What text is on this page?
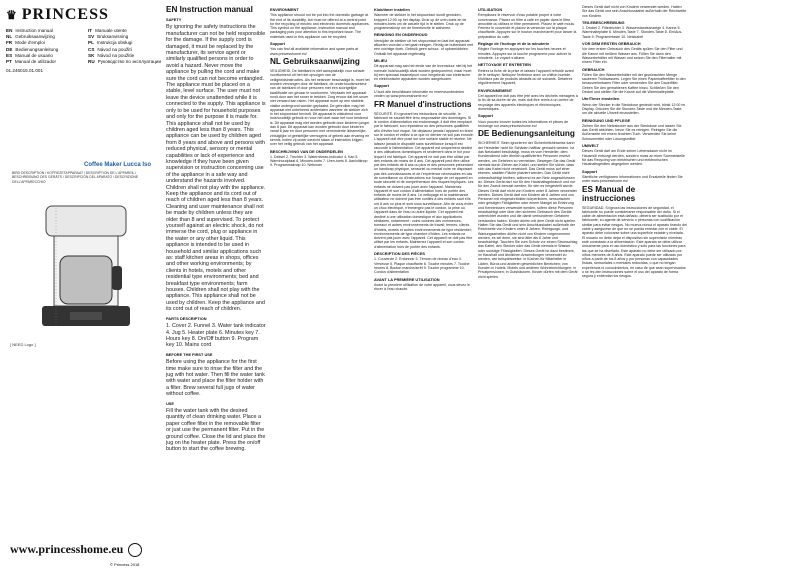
♛ PRINCESS
EN Instruction manual	IT Manuale utente
NL Gebruiksaanwijzing	SV Bruksanvisning
FR Mode d'emploi	PL Instrukcja obsługi
DE Bedienungsanleitung	CS Návod na použití
ES Manual de usuario	SK Návod na použitie
PT Manual de utilizador	RU Руководство по эксплуатации
01.246015.01.001
Coffee Maker Lucca Iso
BIRD DESCRIPTION / KOFFIEZETAPPARAAT / DESCRIPTION DE L'APPAREIL / BESCHREIBUNG DES GERÄTS / DESCRIPCIÓN DEL APARATO / DESCRIZIONE DELL'APPARECCHIO
[ NEED Logo ]
www.princesshome.eu
© Princess 2018
EN Instruction manual
SAFETY

By ignoring the safety instructions the manufacturer can not be held responsible for the damage. If the supply cord is damaged, it must be replaced by the manufacturer, its service agent or similarly qualified persons in order to avoid a hazard. Never move the appliance by pulling the cord and make sure the cord can not become entangled. The appliance must be placed on a stable, level surface. The user must not leave the device unattended while it is connected to the supply. This appliance is only to be used for household purposes and only for the purpose it is made for. This appliance shall not be used by children aged less than 8 years. This appliance can be used by children aged from 8 years and above and persons with reduced physical, sensory or mental capabilities or lack of experience and knowledge if they have been given supervision or instruction concerning use of the appliance in a safe way and understand the hazards involved. Children shall not play with the appliance. Keep the appliance and its cord out of reach of children aged less than 8 years. Cleaning and user maintenance shall not be made by children unless they are older than 8 and supervised. To protect yourself against an electric shock, do not immerse the cord, plug or appliance in the water or any other liquid. This appliance is intended to be used in household and similar applications such as: staff kitchen areas in shops, offices and other working environments; by clients in hotels, motels and other residential type environments; bed and breakfast type environments; farm houses. Children shall not play with the appliance. This appliance shall not be used by children. Keep the appliance and its cord out of reach of children.

PARTS DESCRIPTION

1. Cover 2. Funnel 3. Water tank indicator 4. Jug 5. Heater plate 6. Minutes key 7. Hours key 8. On/Off button 9. Program key 10. Mains cord

BEFORE THE FIRST USE

Before using the appliance for the first time make sure to rinse the filter and the jug with hot water. Then fill the water tank with water and place the filter holder with a filter. Brew several full jugs of water without coffee.

USE

Fill the water tank with the desired quantity of clean drinking water. Place a paper coffee filter in the removable filter or just use the permanent filter. Put in the ground coffee. Close the lid and place the jug on the heater plate. Press the on/off button to start the coffee brewing.

ENVIRONMENT

This appliance should not be put into the domestic garbage at the end of its durability, but must be offered at a central point for the recycling of electric and electronic domestic appliances. This symbol on the appliance, instruction manual and packaging puts your attention to this important issue. The materials used in this appliance can be recycled.

Support

You can find all available information and spare parts at www.princesshome.eu!

NL Gebruiksaanwijzing

VEILIGHEID. De fabrikant is niet aansprakelijk voor schade voortkomend uit het niet opvolgen van de veiligheidsinstructies. Als het netsnoer beschadigd is, moet het worden vervangen door de fabrikant, de onderhoudsmonteur van de fabrikant of door personen met een soortgelijke kwalificatie om gevaar te voorkomen. Verplaats het apparaat nooit door aan het snoer te trekken. Zorg ervoor dat het snoer niet verward kan raken. Het apparaat moet op een stabiele, vlakke ondergrond worden geplaatst. De gebruiker mag het apparaat niet onbeheerd achterlaten wanneer de stekker zich in het stopcontact bevindt. Dit apparaat is uitsluitend voor huishoudelijk gebruik en voor het doel waar het voor bestemd is. Dit apparaat mag niet worden gebruikt door kinderen jonger dan 8 jaar. Dit apparaat kan worden gebruikt door kinderen vanaf 8 jaar en door personen met verminderde lichamelijke, zintuiglijke of geestelijke vermogens of gebrek aan ervaring en kennis, indien zij onder toezicht staan of instructies krijgen over het veilig gebruik van het apparaat.

BESCHRIJVING VAN DE ONDERDELEN

1. Deksel 2. Trechter 3. Waterniveau-indicator 4. Kan 5. Warmhoudplaat 6. Minuten-toets 7. Uren-toets 8. Aan/uitknop 9. Programmaknop 10. Netsnoer

Klok/timer instellen

Wanneer de stekker in het stopcontact wordt gestoken, knippert 12:00 op het display. Druk op de uren-toets en de minuten-toets om de actuele tijd in te stellen. Druk op de programmaknop om de timerfunctie te activeren.

REINIGING EN ONDERHOUD

Verwijder de stekker uit het stopcontact en laat het apparaat afkoelen voordat u het gaat reinigen. Reinig de buitenkant met een vochtige doek. Gebruik geen schuur- of oplosmiddelen. Ontkalk het apparaat regelmatig.

MILIEU

Dit apparaat mag aan het einde van de levensduur niet bij het normale huishoudelijk afval worden gedeponeerd, maar moet bij een speciaal inzamelpunt voor hergebruik van elektrische en elektronische apparaten worden aangeboden.

Support

U kunt alle beschikbare informatie en reserveonderdelen vinden op www.princesshome.eu!

FR Manuel d'instructions

SÉCURITÉ. En ignorant les instructions de sécurité, le fabricant ne saurait être tenu responsable des dommages. Si le cordon d'alimentation est endommagé, il doit être remplacé par le fabricant, son réparateur ou des personnes qualifiées afin d'éviter tout risque. Ne déplacez jamais l'appareil en tirant sur le cordon et veillez à ce que ce dernier ne soit pas enroulé. L'appareil doit être posé sur une surface stable et nivelée. Ne laissez jamais le dispositif sans surveillance lorsqu'il est raccordé à l'alimentation. Cet appareil est uniquement destiné à des utilisations domestiques et seulement dans le but pour lequel il est fabriqué. Cet appareil ne doit pas être utilisé par des enfants de moins de 8 ans. Cet appareil peut être utilisé par des enfants de 8 ans ou plus et des personnes présentant un handicap physique, sensoriel ou mental voire ne disposant pas des connaissances et de l'expérience nécessaires en cas de surveillance ou d'instructions sur l'usage de cet appareil en toute sécurité et de compréhension des risques impliqués. Les enfants ne doivent pas jouer avec l'appareil. Maintenez l'appareil et son cordon d'alimentation hors de portée des enfants de moins de 8 ans. Le nettoyage et la maintenance utilisateur ne doivent pas être confiés à des enfants sauf s'ils ont 8 ans ou plus et sont sous surveillance. Afin de vous éviter un choc électrique, n'immergez pas le cordon, la prise ou l'appareil dans de l'eau ou autre liquide. Cet appareil est destiné à une utilisation domestique et aux applications similaires, notamment : coins cuisines des commerces, bureaux et autres environnements de travail; fermes; clients d'hôtels, motels et autres environnements de type résidentiel; environnements de type chambre d'hôtes. Les enfants ne doivent pas jouer avec l'appareil. Cet appareil ne doit pas être utilisé par les enfants. Maintenez l'appareil et son cordon d'alimentation hors de portée des enfants.

DESCRIPTION DES PIÈCES

1. Couvercle 2. Entonnoir 3. Témoin de niveau d'eau 4. Verseuse 5. Plaque chauffante 6. Touche minutes 7. Touche heures 8. Bouton marche/arrêt 9. Touche programme 10. Cordon d'alimentation

AVANT LA PREMIÈRE UTILISATION

Avant la première utilisation de votre appareil, vous devez le rincer à l'eau chaude.

UTILISATION

Remplissez le réservoir d'eau potable propre à votre convenance. Placez un filtre à café en papier dans le filtre amovible ou utilisez le filtre permanent. Placez le café moulu. Fermez le couvercle et placez la verseuse sur la plaque chauffante. Appuyez sur le bouton marche/arrêt pour lancer la préparation du café.

Réglage de l'horloge et de la minuterie

Réglez l'horloge en appuyant sur les touches heures et minutes. Appuyez sur la touche programme pour activer la minuterie. Le voyant s'allume.

NETTOYAGE ET ENTRETIEN

Retirez la fiche de la prise et laissez l'appareil refroidir avant de le nettoyer. Nettoyez l'extérieur avec un chiffon humide. N'utilisez pas de produits abrasifs ou de solvants. Détartrez régulièrement l'appareil.

ENVIRONNEMENT

Cet appareil ne doit pas être jeté avec les déchets ménagers à la fin de sa durée de vie, mais doit être remis à un centre de recyclage des appareils électriques et électroniques domestiques.

Support

Vous pouvez trouver toutes les informations et pièces de rechange sur www.princesshome.eu!

DE Bedienungsanleitung

SICHERHEIT. Beim Ignorieren der Sicherheitshinweise kann der Hersteller nicht für Schäden haftbar gemacht werden. Ist das Netzkabel beschädigt, muss es vom Hersteller, dem Kundendienst oder ähnlich qualifizierten Personen ersetzt werden, um Gefahren zu vermeiden. Bewegen Sie das Gerät niemals durch Ziehen am Kabel, und stellen Sie sicher, dass sich das Kabel nicht verwickelt. Das Gerät muss auf einer ebenen, stabilen Fläche platziert werden. Das Gerät nicht unbeaufsichtigt bleiben, während es am Netz angeschlossen ist. Dieses Gerät darf nur für den Haushaltsgebrauch und nur für den Zweck benutzt werden, für den es hergestellt wurde. Dieses Gerät darf nicht von Kindern unter 8 Jahren verwendet werden. Dieses Gerät darf von Kindern ab 8 Jahren und von Personen mit eingeschränkten körperlichen, sensorischen oder geistigen Fähigkeiten oder einem Mangel an Erfahrung und Kenntnissen verwendet werden, sofern diese Personen beaufsichtigt oder über den sicheren Gebrauch des Geräts unterrichtet wurden und die damit verbundenen Gefahren verstanden haben. Kinder dürfen mit dem Gerät nicht spielen. Halten Sie das Gerät und sein Anschlusskabel außerhalb der Reichweite von Kindern unter 8 Jahren. Reinigungs- und Wartungsarbeiten dürfen nicht von Kindern vorgenommen werden, es sei denn, sie sind älter als 8 Jahre und beaufsichtigt. Tauchen Sie zum Schutz vor einem Stromschlag das Kabel, den Stecker oder das Gerät niemals in Wasser oder sonstige Flüssigkeiten. Dieses Gerät ist dazu bestimmt, im Haushalt und ähnlichen Anwendungen verwendet zu werden, wie beispielsweise: in Küchen für Mitarbeiter in Läden, Büros und anderen gewerblichen Bereichen; von Kunden in Hotels, Motels und anderen Wohneinrichtungen; in Privatpensionen; in Gutshäusern. Kinder dürfen mit dem Gerät nicht spielen.

Dieses Gerät darf nicht von Kindern verwendet werden. Halten Sie das Gerät und sein Anschlusskabel außerhalb der Reichweite von Kindern.

TEILEBESCHREIBUNG

1. Deckel 2. Filtertrichter 3. Wasserstandsanzeige 4. Kanne 5. Warmhalteplatte 6. Minuten-Taste 7. Stunden-Taste 8. Ein/Aus-Taste 9. Programmtaste 10. Netzkabel

VOR DEM ERSTEN GEBRAUCH

Vor dem ersten Gebrauch des Geräts spülen Sie den Filter und die Kanne mit heißem Wasser aus. Füllen Sie dann den Wasserbehälter mit Wasser und setzen Sie den Filterhalter mit einem Filter ein.

GEBRAUCH

Füllen Sie den Wasserbehälter mit der gewünschten Menge sauberen Trinkwassers. Legen Sie einen Papierkaffeefilter in den herausnehmbaren Filter oder verwenden Sie den Dauerfilter. Geben Sie den gemahlenen Kaffee hinzu. Schließen Sie den Deckel und stellen Sie die Kanne auf die Warmhalteplatte.

Uhr/Timer einstellen

Wenn der Stecker in die Steckdose gesteckt wird, blinkt 12:00 im Display. Drücken Sie die Stunden-Taste und die Minuten-Taste, um die aktuelle Uhrzeit einzustellen.

REINIGUNG UND PFLEGE

Ziehen Sie den Netzstecker aus der Steckdose und lassen Sie das Gerät abkühlen, bevor Sie es reinigen. Reinigen Sie die Außenseite mit einem feuchten Tuch. Verwenden Sie keine Scheuermittel oder Lösungsmittel.

UMWELT

Dieses Gerät darf am Ende seiner Lebensdauer nicht im Hausmüll entsorgt werden, sondern muss an einer Sammelstelle für das Recycling von elektrischen und elektronischen Haushaltsgeräten abgegeben werden.

Support

Sämtliche verfügbaren Informationen und Ersatzteile finden Sie unter www.princesshome.eu!

ES Manual de instrucciones

SEGURIDAD. Si ignora las instrucciones de seguridad, el fabricante no puede considerarse responsable del daño. Si el cable de alimentación está dañado, deberá ser sustituido por el fabricante, su agente de servicio o personas con cualificación similar para evitar riesgos. No mueva nunca el aparato tirando del cable y asegúrese de que no se pueda enredar con el cable. El aparato debe colocarse sobre una superficie estable y nivelada. El usuario no debe dejar el dispositivo sin supervisión mientras esté conectado a la alimentación. Este aparato se debe utilizar únicamente para el uso doméstico y sólo para las funciones para las que se ha diseñado. Este aparato no debe ser utilizado por niños menores de 8 años. Este aparato puede ser utilizado por niños a partir de los 8 años y por personas con capacidades físicas, sensoriales o mentales reducidas, o que no tengan experiencia ni conocimientos, en caso de que sean supervisados o se les den instrucciones sobre el uso del aparato de forma segura y entiendan los riesgos.
